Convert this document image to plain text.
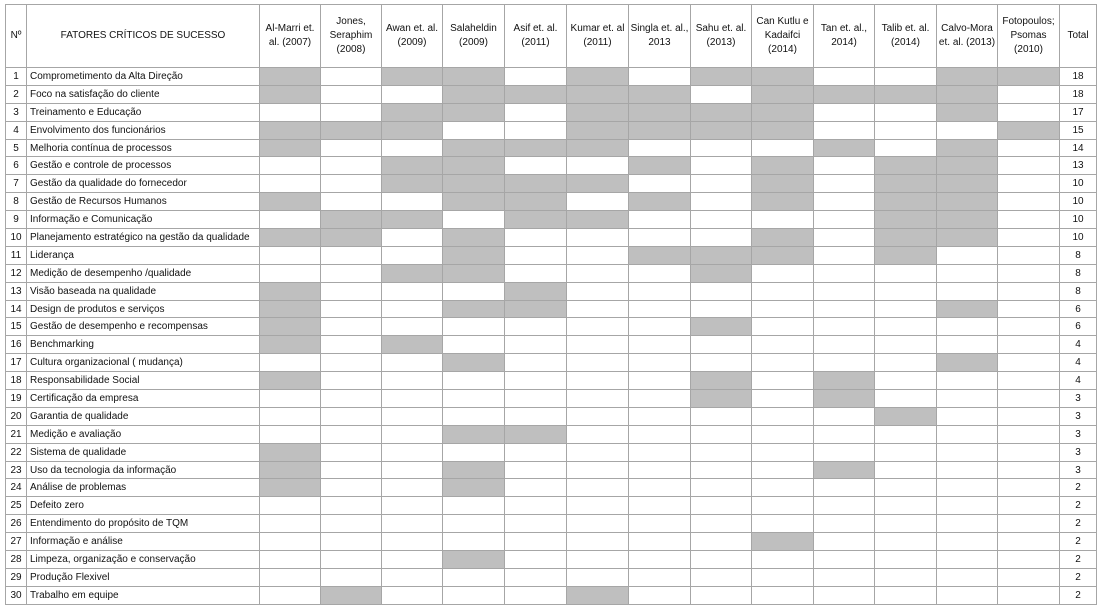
Nº	FATORES CRÍTICOS DE SUCESSO	Al-Marri et. al. (2007)	Jones, Seraphim (2008)	Awan et. al. (2009)	Salaheldin (2009)	Asif et. al. (2011)	Kumar et. al (2011)	Singla et. al., 2013	Sahu et. al. (2013)	Can Kutlu e Kadaifci (2014)	Tan et. al., 2014)	Talib et. al. (2014)	Calvo-Mora et. al. (2013)	Fotopoulos; Psomas (2010)	Total
1	Comprometimento da Alta Direção														18
2	Foco na satisfação do cliente														18
3	Treinamento e Educação														17
4	Envolvimento dos funcionários														15
5	Melhoria contínua de processos														14
6	Gestão e controle de processos														13
7	Gestão da qualidade do fornecedor														10
8	Gestão de Recursos Humanos														10
9	Informação e Comunicação														10
10	Planejamento estratégico na gestão da qualidade														10
11	Liderança														8
12	Medição de desempenho /qualidade														8
13	Visão baseada na qualidade														8
14	Design de produtos e serviços														6
15	Gestão de desempenho e recompensas														6
16	Benchmarking														4
17	Cultura organizacional ( mudança)														4
18	Responsabilidade Social														4
19	Certificação da empresa														3
20	Garantia de qualidade														3
21	Medição e avaliação														3
22	Sistema de qualidade														3
23	Uso da tecnologia da informação														3
24	Análise de problemas														2
25	Defeito zero														2
26	Entendimento do propósito de TQM														2
27	Informação e análise														2
28	Limpeza, organização e conservação														2
29	Produção Flexivel														2
30	Trabalho em equipe														2
